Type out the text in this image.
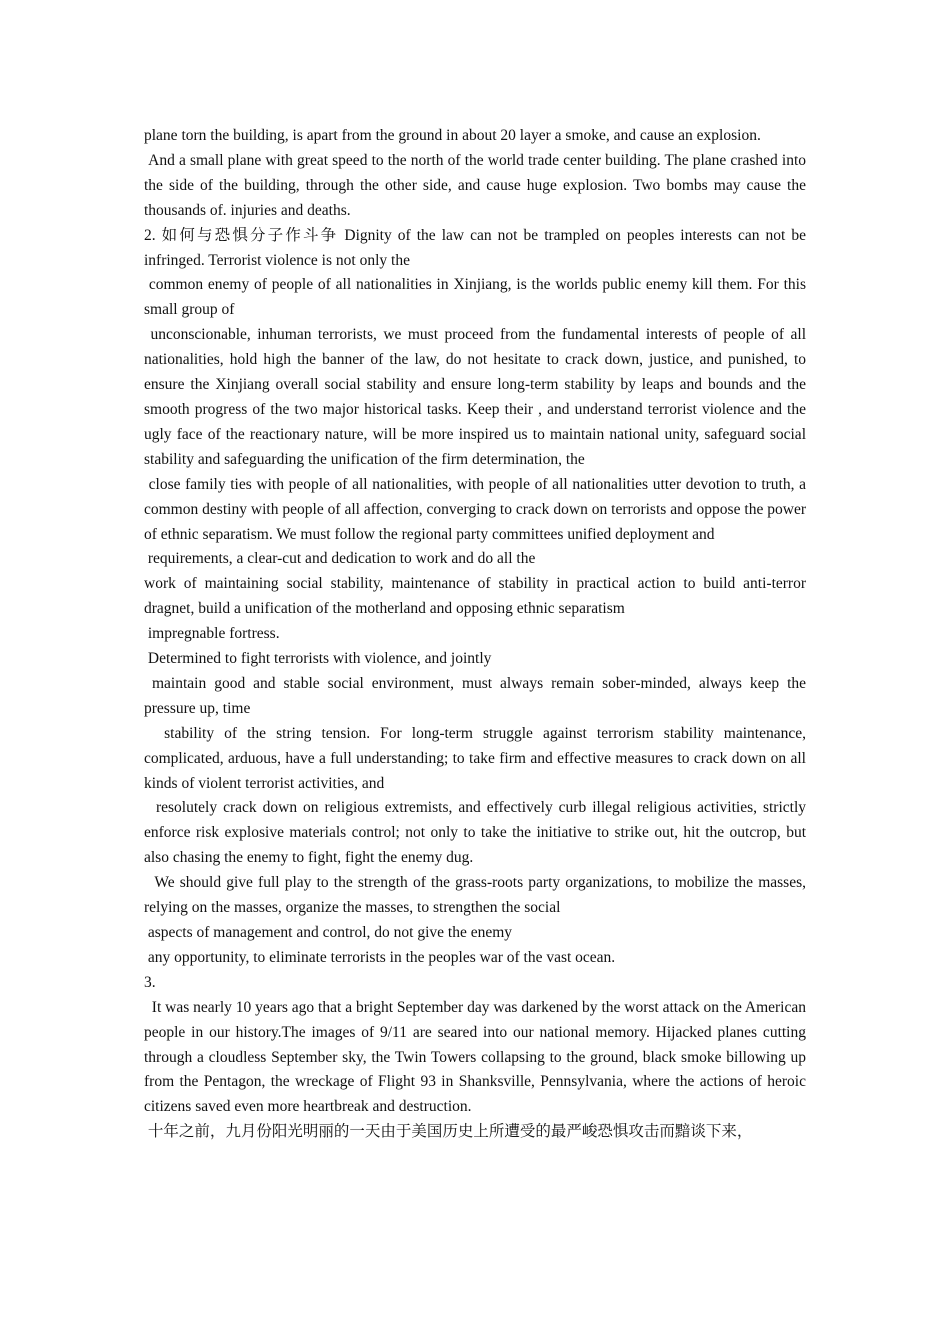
plane torn the building, is apart from the ground in about 20 layer a smoke, and cause an explosion.

And a small plane with great speed to the north of the world trade center building. The plane crashed into the side of the building, through the other side, and cause huge explosion. Two bombs may cause the thousands of. injuries and deaths.

2. 如何与恐惧分子作斗争 Dignity of the law can not be trampled on peoples interests can not be infringed. Terrorist violence is not only the

common enemy of people of all nationalities in Xinjiang, is the worlds public enemy kill them. For this small group of

unconscionable, inhuman terrorists, we must proceed from the fundamental interests of people of all nationalities, hold high the banner of the law, do not hesitate to crack down, justice, and punished, to ensure the Xinjiang overall social stability and ensure long-term stability by leaps and bounds and the smooth progress of the two major historical tasks. Keep their , and understand terrorist violence and the ugly face of the reactionary nature, will be more inspired us to maintain national unity, safeguard social stability and safeguarding the unification of the firm determination, the

close family ties with people of all nationalities, with people of all nationalities utter devotion to truth, a common destiny with people of all affection, converging to crack down on terrorists and oppose the power of ethnic separatism. We must follow the regional party committees unified deployment and

requirements, a clear-cut and dedication to work and do all the

work of maintaining social stability, maintenance of stability in practical action to build anti-terror dragnet, build a unification of the motherland and opposing ethnic separatism

impregnable fortress.

Determined to fight terrorists with violence, and jointly

maintain good and stable social environment, must always remain sober-minded, always keep the pressure up, time

stability of the string tension. For long-term struggle against terrorism stability maintenance, complicated, arduous, have a full understanding; to take firm and effective measures to crack down on all kinds of violent terrorist activities, and

resolutely crack down on religious extremists, and effectively curb illegal religious activities, strictly enforce risk explosive materials control; not only to take the initiative to strike out, hit the outcrop, but also chasing the enemy to fight, fight the enemy dug.

We should give full play to the strength of the grass-roots party organizations, to mobilize the masses, relying on the masses, organize the masses, to strengthen the social

aspects of management and control, do not give the enemy

any opportunity, to eliminate terrorists in the peoples war of the vast ocean.

3.

It was nearly 10 years ago that a bright September day was darkened by the worst attack on the American people in our history.The images of 9/11 are seared into our national memory. Hijacked planes cutting through a cloudless September sky, the Twin Towers collapsing to the ground, black smoke billowing up from the Pentagon, the wreckage of Flight 93 in Shanksville, Pennsylvania, where the actions of heroic citizens saved even more heartbreak and destruction.

十年之前，九月份阳光明丽的一天由于美国历史上所遭受的最严峻恐惧攻击而黯谈下来，
